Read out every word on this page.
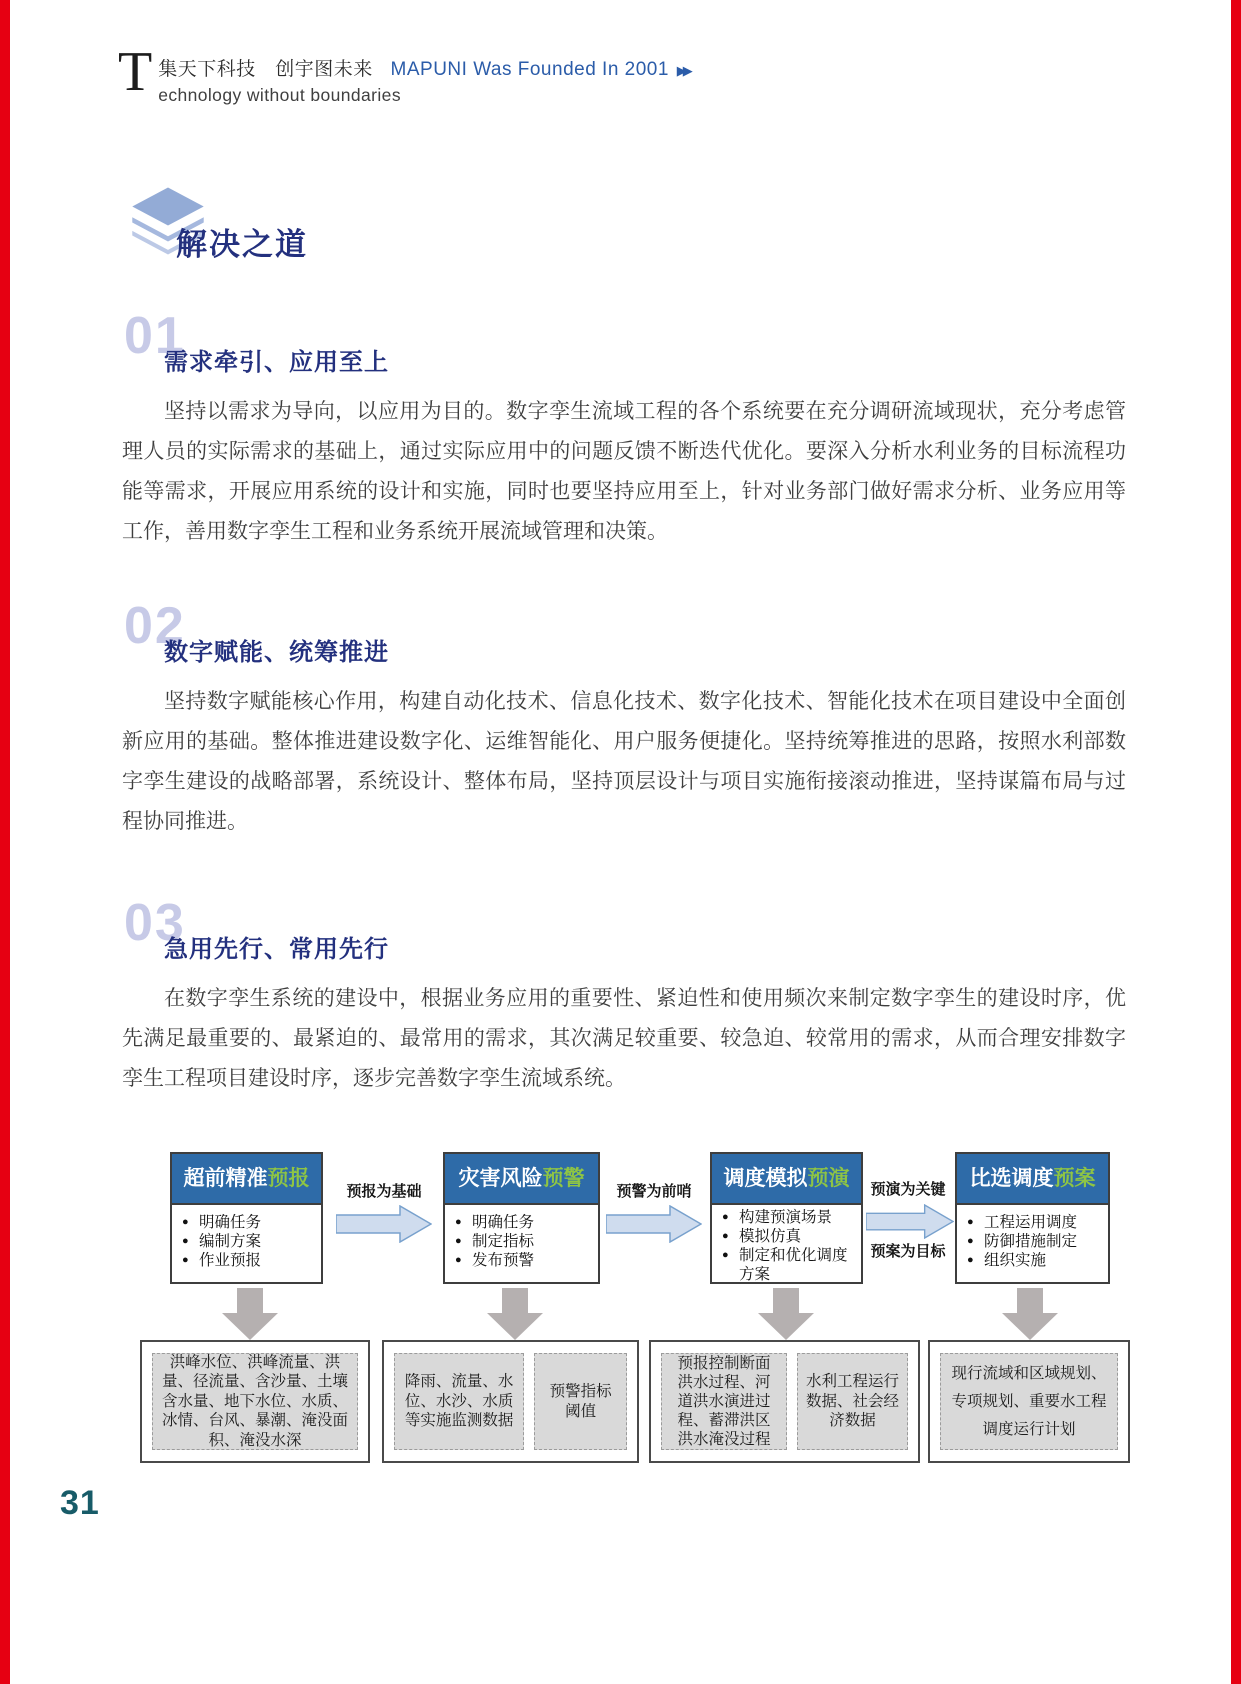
T 集天下科技　创宇图未来 MAPUNI Was Founded In 2001 ▶▶
echnology without boundaries
解决之道
01
需求牵引、应用至上

坚持以需求为导向，以应用为目的。数字孪生流域工程的各个系统要在充分调研流域现状，充分考虑管理人员的实际需求的基础上，通过实际应用中的问题反馈不断迭代优化。要深入分析水利业务的目标流程功能等需求，开展应用系统的设计和实施，同时也要坚持应用至上，针对业务部门做好需求分析、业务应用等工作，善用数字孪生工程和业务系统开展流域管理和决策。

02
数字赋能、统筹推进

坚持数字赋能核心作用，构建自动化技术、信息化技术、数字化技术、智能化技术在项目建设中全面创新应用的基础。整体推进建设数字化、运维智能化、用户服务便捷化。坚持统筹推进的思路，按照水利部数字孪生建设的战略部署，系统设计、整体布局，坚持顶层设计与项目实施衔接滚动推进，坚持谋篇布局与过程协同推进。

03
急用先行、常用先行

在数字孪生系统的建设中，根据业务应用的重要性、紧迫性和使用频次来制定数字孪生的建设时序，优先满足最重要的、最紧迫的、最常用的需求，其次满足较重要、较急迫、较常用的需求，从而合理安排数字孪生工程项目建设时序，逐步完善数字孪生流域系统。

超前精准预报
● 明确任务
● 编制方案
● 作业预报
灾害风险预警
● 明确任务
● 制定指标
● 发布预警
调度模拟预演
● 构建预演场景
● 模拟仿真
● 制定和优化调度方案
比选调度预案
● 工程运用调度
● 防御措施制定
● 组织实施
预报为基础	预警为前哨	预演为关键
预案为目标
洪峰水位、洪峰流量、洪量、径流量、含沙量、土壤含水量、地下水位、水质、冰情、台风、暴潮、淹没面积、淹没水深
降雨、流量、水位、水沙、水质等实施监测数据
预警指标阈值
预报控制断面洪水过程、河道洪水演进过程、蓄滞洪区洪水淹没过程
水利工程运行数据、社会经济数据
现行流域和区域规划、专项规划、重要水工程调度运行计划
31
